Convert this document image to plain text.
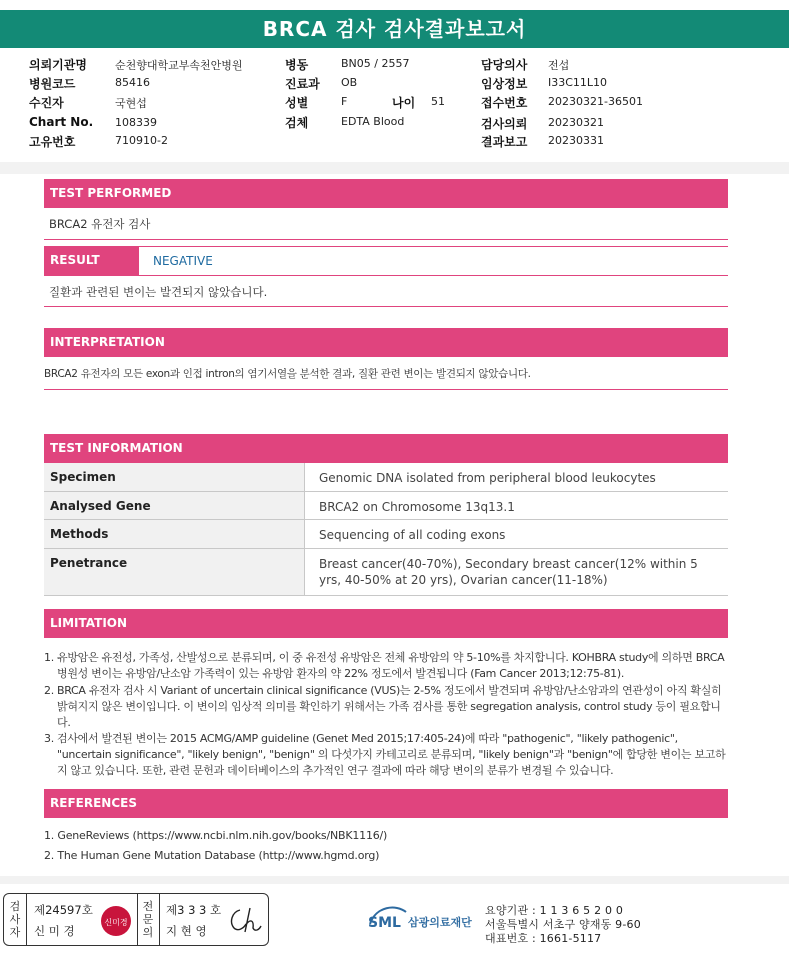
BRCA 검사 검사결과보고서
의뢰기관명	순천향대학교부속천안병원
병원코드	85416
수진자	국현섭
Chart No. 108339
고유번호	710910-2
병동	BN05 / 2557
진료과 OB
성별	F	나이 51
검체	EDTA Blood
담당의사 전섭
임상정보 I33C11L10
접수번호 20230321-36501
검사의뢰 20230321
결과보고 20230331
TEST PERFORMED
BRCA2 유전자 검사
RESULT	NEGATIVE
질환과 관련된 변이는 발견되지 않았습니다.
INTERPRETATION
BRCA2 유전자의 모든 exon과 인접 intron의 염기서열을 분석한 결과, 질환 관련 변이는 발견되지 않았습니다.
TEST INFORMATION
Specimen	Genomic DNA isolated from peripheral blood leukocytes
Analysed Gene	BRCA2 on Chromosome 13q13.1
Methods	Sequencing of all coding exons
Penetrance	Breast cancer(40-70%), Secondary breast cancer(12% within 5 yrs, 40-50% at 20 yrs), Ovarian cancer(11-18%)
LIMITATION
1. 유방암은 유전성, 가족성, 산발성으로 분류되며, 이 중 유전성 유방암은 전체 유방암의 약 5-10%를 차지합니다. KOHBRA study에 의하면 BRCA 병원성 변이는 유방암/난소암 가족력이 있는 유방암 환자의 약 22% 정도에서 발견됩니다 (Fam Cancer 2013;12:75-81).
2. BRCA 유전자 검사 시 Variant of uncertain clinical significance (VUS)는 2-5% 정도에서 발견되며 유방암/난소암과의 연관성이 아직 확실히 밝혀지지 않은 변이입니다. 이 변이의 임상적 의미를 확인하기 위해서는 가족 검사를 통한 segregation analysis, control study 등이 필요합니다.
3. 검사에서 발견된 변이는 2015 ACMG/AMP guideline (Genet Med 2015;17:405-24)에 따라 "pathogenic", "likely pathogenic", "uncertain significance", "likely benign", "benign" 의 다섯가지 카테고리로 분류되며, "likely benign"과 "benign"에 합당한 변이는 보고하지 않고 있습니다. 또한, 관련 문헌과 데이터베이스의 추가적인 연구 결과에 따라 해당 변이의 분류가 변경될 수 있습니다.
REFERENCES
1. GeneReviews (https://www.ncbi.nlm.nih.gov/books/NBK1116/)
2. The Human Gene Mutation Database (http://www.hgmd.org)
검사자
제24597호
신 미 경
신미경
전문의
제3 3 3 호
지 현 영	SML 삼광의료재단
요양기관 : 1 1 3 6 5 2 0 0
서울특별시 서초구 양재동 9-60
대표번호 : 1661-5117
